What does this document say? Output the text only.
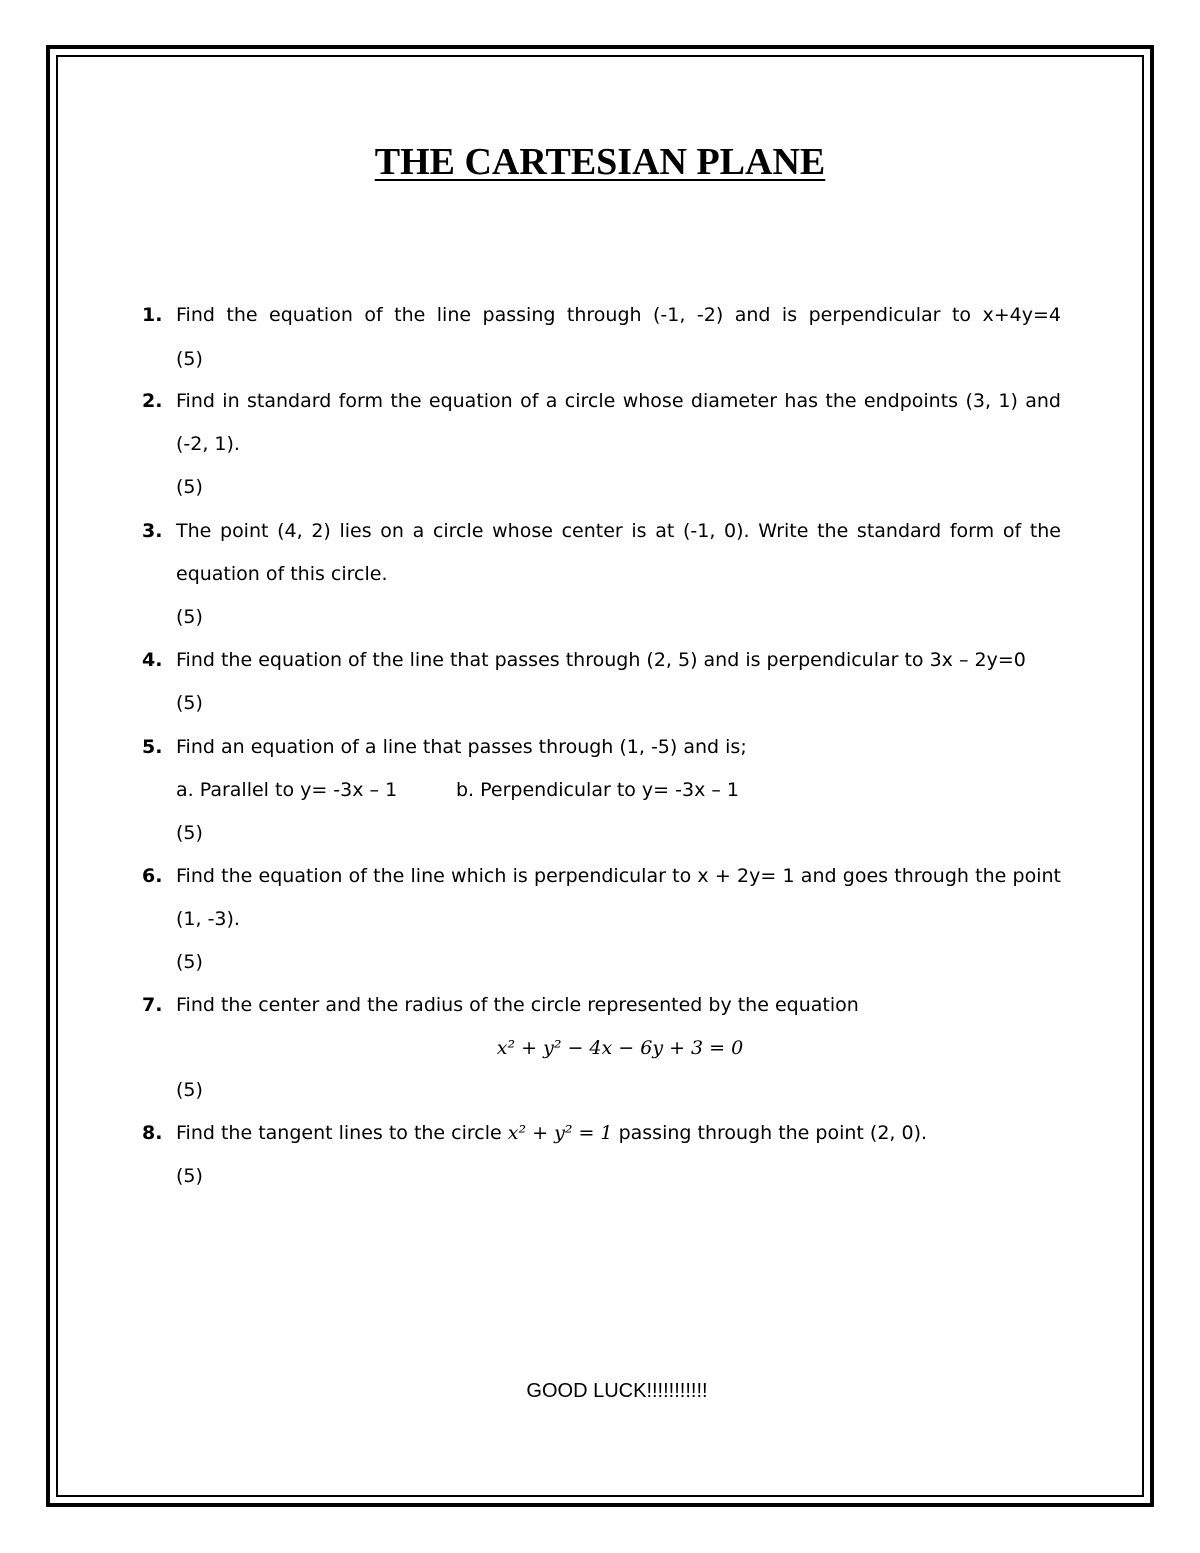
THE CARTESIAN PLANE
1. Find the equation of the line passing through (-1, -2) and is perpendicular to x+4y=4
(5)
2. Find in standard form the equation of a circle whose diameter has the endpoints (3, 1) and
(-2, 1).
(5)
3. The point (4, 2) lies on a circle whose center is at (-1, 0). Write the standard form of the
equation of this circle.
(5)
4. Find the equation of the line that passes through (2, 5) and is perpendicular to 3x – 2y=0
(5)
5. Find an equation of a line that passes through (1, -5) and is;
a. Parallel to y= -3x – 1	b. Perpendicular to y= -3x – 1
(5)
6. Find the equation of the line which is perpendicular to x + 2y= 1 and goes through the point
(1, -3).
(5)
7. Find the center and the radius of the circle represented by the equation
x² + y² − 4x − 6y + 3 = 0
(5)
8. Find the tangent lines to the circle x² + y² = 1 passing through the point (2, 0).
(5)
GOOD LUCK!!!!!!!!!!!
